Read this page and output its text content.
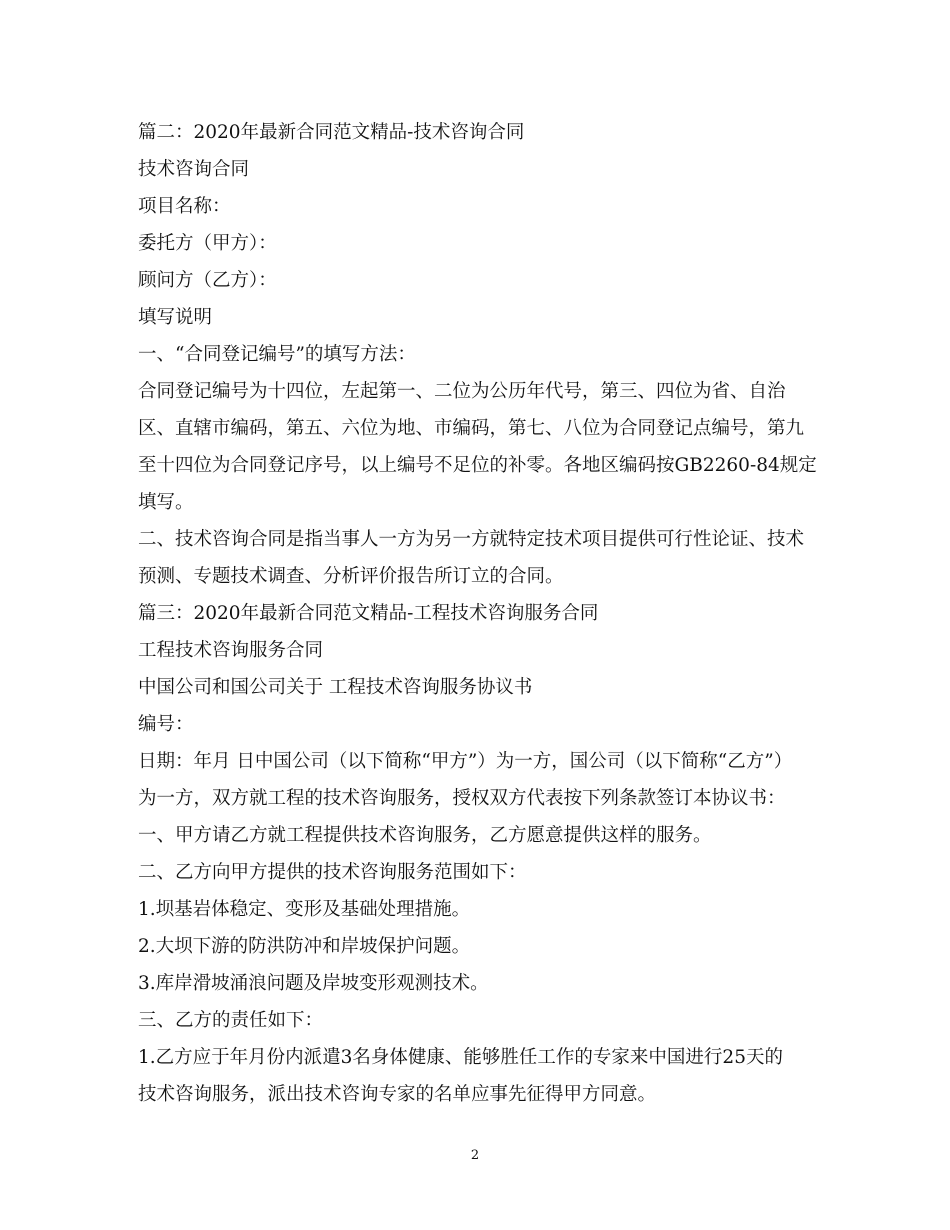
篇二：2020年最新合同范文精品-技术咨询合同
技术咨询合同
项目名称：
委托方（甲方）：
顾问方（乙方）：
填写说明
一、“合同登记编号”的填写方法：
合同登记编号为十四位，左起第一、二位为公历年代号，第三、四位为省、自治
区、直辖市编码，第五、六位为地、市编码，第七、八位为合同登记点编号，第九
至十四位为合同登记序号，以上编号不足位的补零。各地区编码按GB2260-84规定
填写。
二、技术咨询合同是指当事人一方为另一方就特定技术项目提供可行性论证、技术
预测、专题技术调查、分析评价报告所订立的合同。
篇三：2020年最新合同范文精品-工程技术咨询服务合同
工程技术咨询服务合同
中国公司和国公司关于 工程技术咨询服务协议书
编号：
日期：年月 日中国公司（以下简称“甲方”）为一方，国公司（以下简称“乙方”）
为一方，双方就工程的技术咨询服务，授权双方代表按下列条款签订本协议书：
一、甲方请乙方就工程提供技术咨询服务，乙方愿意提供这样的服务。
二、乙方向甲方提供的技术咨询服务范围如下：
1.坝基岩体稳定、变形及基础处理措施。
2.大坝下游的防洪防冲和岸坡保护问题。
3.库岸滑坡涌浪问题及岸坡变形观测技术。
三、乙方的责任如下：
1.乙方应于年月份内派遣3名身体健康、能够胜任工作的专家来中国进行25天的
技术咨询服务，派出技术咨询专家的名单应事先征得甲方同意。
2
